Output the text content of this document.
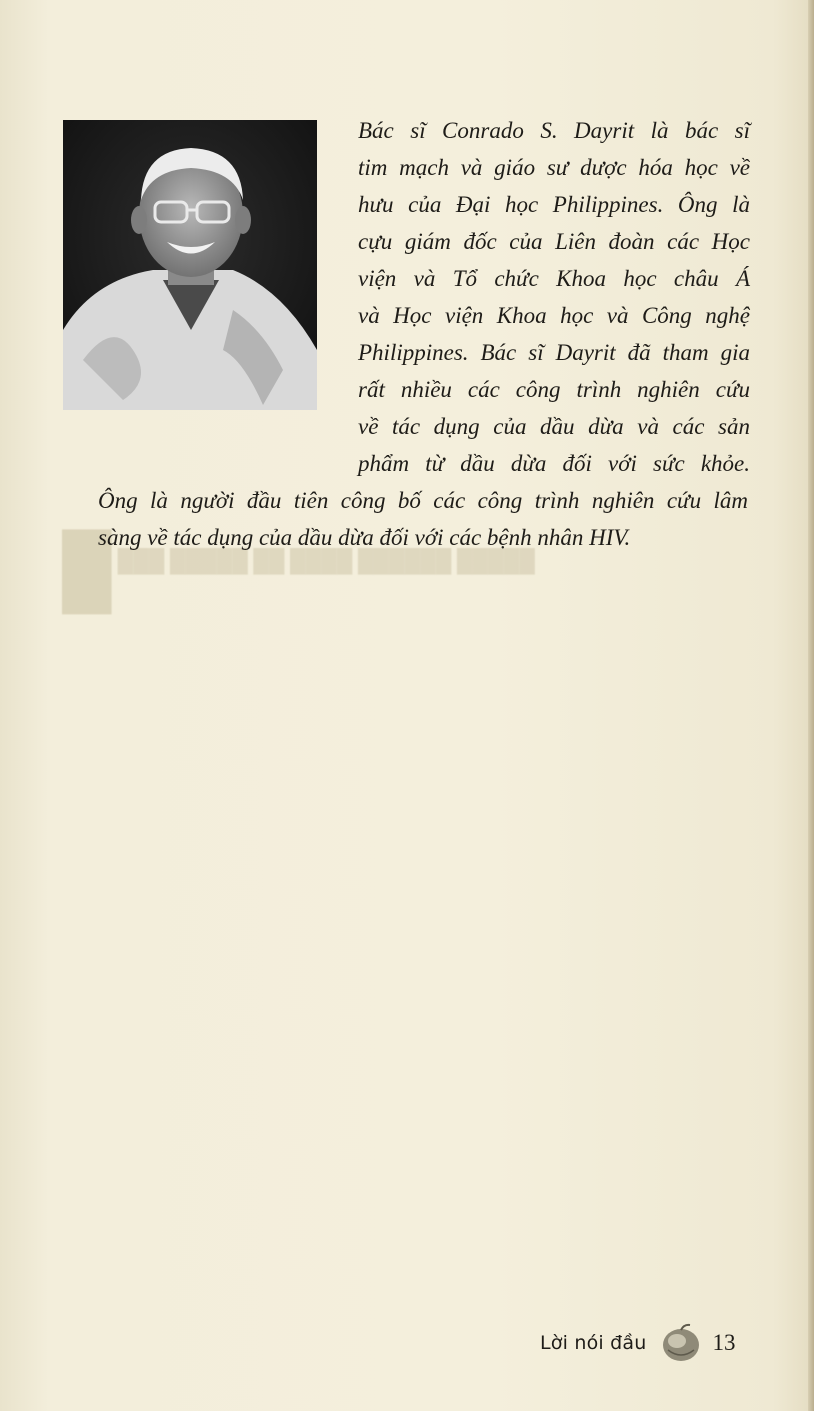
█ ███ █████ ██ ████ ██████ █████

Bác sĩ Conrado S. Dayrit là bác sĩ
tim mạch và giáo sư dược hóa học về
hưu của Đại học Philippines. Ông là
cựu giám đốc của Liên đoàn các Học
viện và Tổ chức Khoa học châu Á
và Học viện Khoa học và Công nghệ
Philippines. Bác sĩ Dayrit đã tham gia
rất nhiều các công trình nghiên cứu
về tác dụng của dầu dừa và các sản
phẩm từ dầu dừa đối với sức khỏe.
Ông là người đầu tiên công bố các công trình nghiên cứu lâm
sàng về tác dụng của dầu dừa đối với các bệnh nhân HIV.
Lời nói đầu	13
